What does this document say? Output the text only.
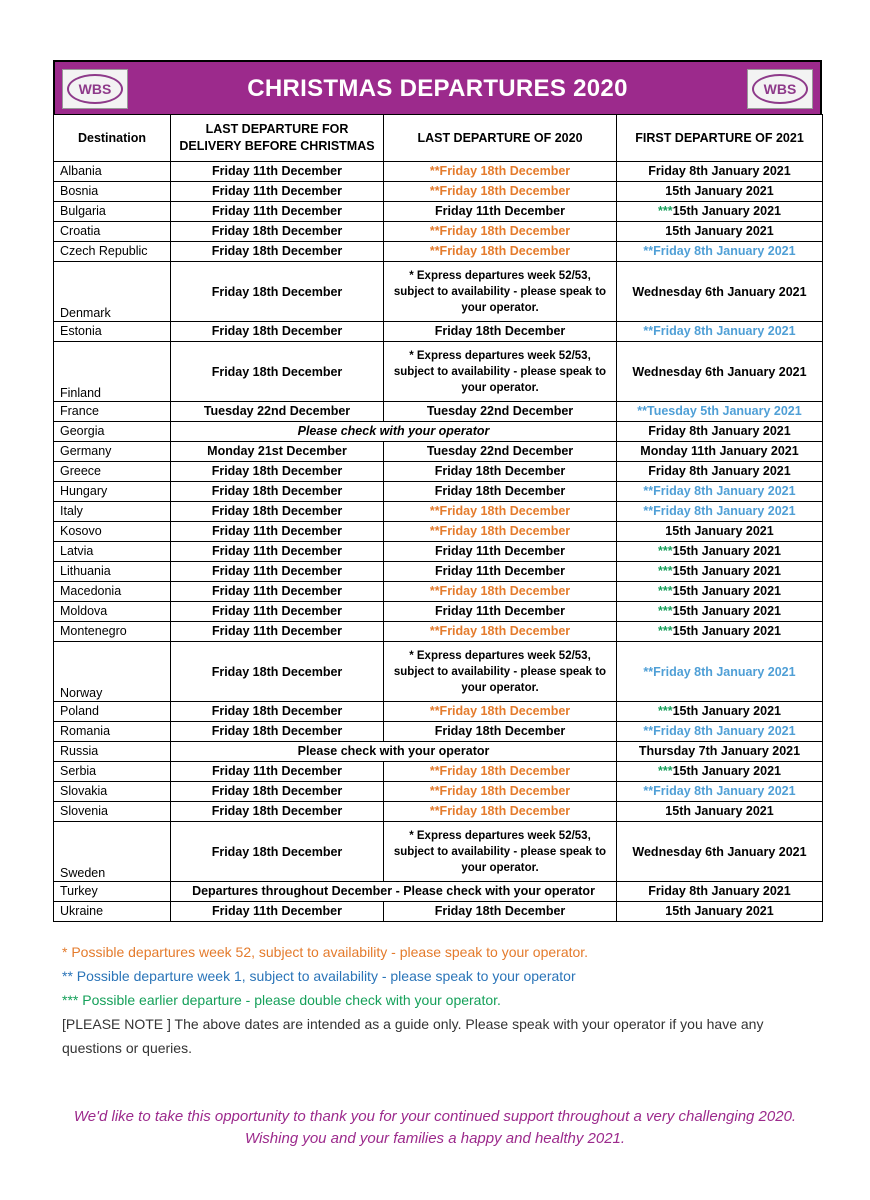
WBS	CHRISTMAS DEPARTURES 2020	WBS
Destination	LAST DEPARTURE FOR DELIVERY BEFORE CHRISTMAS	LAST DEPARTURE OF 2020	FIRST DEPARTURE OF 2021
Albania	Friday 11th December	**Friday 18th December	Friday 8th January 2021
Bosnia	Friday 11th December	**Friday 18th December	15th January 2021
Bulgaria	Friday 11th December	Friday 11th December	***15th January 2021
Croatia	Friday 18th December	**Friday 18th December	15th January 2021
Czech Republic	Friday 18th December	**Friday 18th December	**Friday 8th January 2021
Denmark	Friday 18th December	* Express departures week 52/53, subject to availability - please speak to your operator.	Wednesday 6th January 2021
Estonia	Friday 18th December	Friday 18th December	**Friday 8th January 2021
Finland	Friday 18th December	* Express departures week 52/53, subject to availability - please speak to your operator.	Wednesday 6th January 2021
France	Tuesday 22nd December	Tuesday 22nd December	**Tuesday 5th January 2021
Georgia	Please check with your operator		Friday 8th January 2021
Germany	Monday 21st December	Tuesday 22nd December	Monday 11th January 2021
Greece	Friday 18th December	Friday 18th December	Friday 8th January 2021
Hungary	Friday 18th December	Friday 18th December	**Friday 8th January 2021
Italy	Friday 18th December	**Friday 18th December	**Friday 8th January 2021
Kosovo	Friday 11th December	**Friday 18th December	15th January 2021
Latvia	Friday 11th December	Friday 11th December	***15th January 2021
Lithuania	Friday 11th December	Friday 11th December	***15th January 2021
Macedonia	Friday 11th December	**Friday 18th December	***15th January 2021
Moldova	Friday 11th December	Friday 11th December	***15th January 2021
Montenegro	Friday 11th December	**Friday 18th December	***15th January 2021
Norway	Friday 18th December	* Express departures week 52/53, subject to availability - please speak to your operator.	**Friday 8th January 2021
Poland	Friday 18th December	**Friday 18th December	***15th January 2021
Romania	Friday 18th December	Friday 18th December	**Friday 8th January 2021
Russia	Please check with your operator		Thursday 7th January 2021
Serbia	Friday 11th December	**Friday 18th December	***15th January 2021
Slovakia	Friday 18th December	**Friday 18th December	**Friday 8th January 2021
Slovenia	Friday 18th December	**Friday 18th December	15th January 2021
Sweden	Friday 18th December	* Express departures week 52/53, subject to availability - please speak to your operator.	Wednesday 6th January 2021
Turkey	Departures throughout December - Please check with your operator		Friday 8th January 2021
Ukraine	Friday 11th December	Friday 18th December	15th January 2021
* Possible departures week 52, subject to availability - please speak to your operator.
** Possible departure week 1, subject to availability - please speak to your operator
*** Possible earlier departure - please double check with your operator.
[PLEASE NOTE ] The above dates are intended as a guide only. Please speak with your operator if you have any questions or queries.
We'd like to take this opportunity to thank you for your continued support throughout a very challenging 2020. Wishing you and your families a happy and healthy 2021.
